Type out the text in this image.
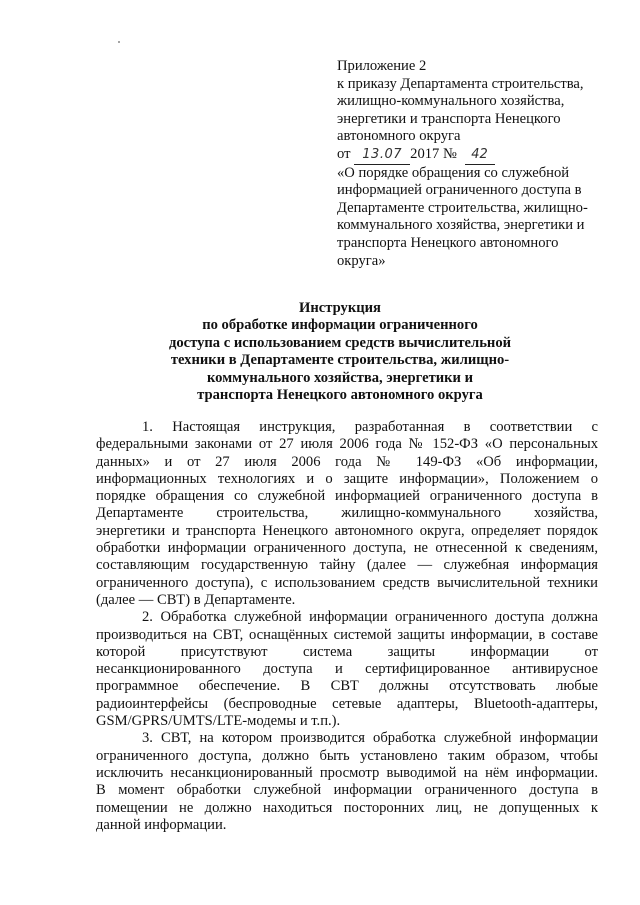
Приложение 2
к приказу Департамента строительства,
жилищно-коммунального хозяйства,
энергетики и транспорта Ненецкого
автономного округа
от 13.07 2017 № 42
«О порядке обращения со служебной
информацией ограниченного доступа в
Департаменте строительства, жилищно-
коммунального хозяйства, энергетики и
транспорта Ненецкого автономного
округа»
Инструкция
по обработке информации ограниченного
доступа с использованием средств вычислительной
техники в Департаменте строительства, жилищно-
коммунального хозяйства, энергетики и
транспорта Ненецкого автономного округа
1. Настоящая инструкция, разработанная в соответствии с
федеральными законами от 27 июля 2006 года № 152-ФЗ «О персональных
данных» и от 27 июля 2006 года № 149-ФЗ «Об информации,
информационных технологиях и о защите информации», Положением о
порядке обращения со служебной информацией ограниченного доступа в
Департаменте строительства, жилищно-коммунального хозяйства,
энергетики и транспорта Ненецкого автономного округа, определяет порядок
обработки информации ограниченного доступа, не отнесенной к сведениям,
составляющим государственную тайну (далее — служебная информация
ограниченного доступа), с использованием средств вычислительной техники
(далее — СВТ) в Департаменте.
2. Обработка служебной информации ограниченного доступа должна
производиться на СВТ, оснащённых системой защиты информации, в составе
которой присутствуют система защиты информации от
несанкционированного доступа и сертифицированное антивирусное
программное обеспечение. В СВТ должны отсутствовать любые
радиоинтерфейсы (беспроводные сетевые адаптеры, Bluetooth-адаптеры,
GSM/GPRS/UMTS/LTE-модемы и т.п.).
3. СВТ, на котором производится обработка служебной информации
ограниченного доступа, должно быть установлено таким образом, чтобы
исключить несанкционированный просмотр выводимой на нём информации.
В момент обработки служебной информации ограниченного доступа в
помещении не должно находиться посторонних лиц, не допущенных к
данной информации.
